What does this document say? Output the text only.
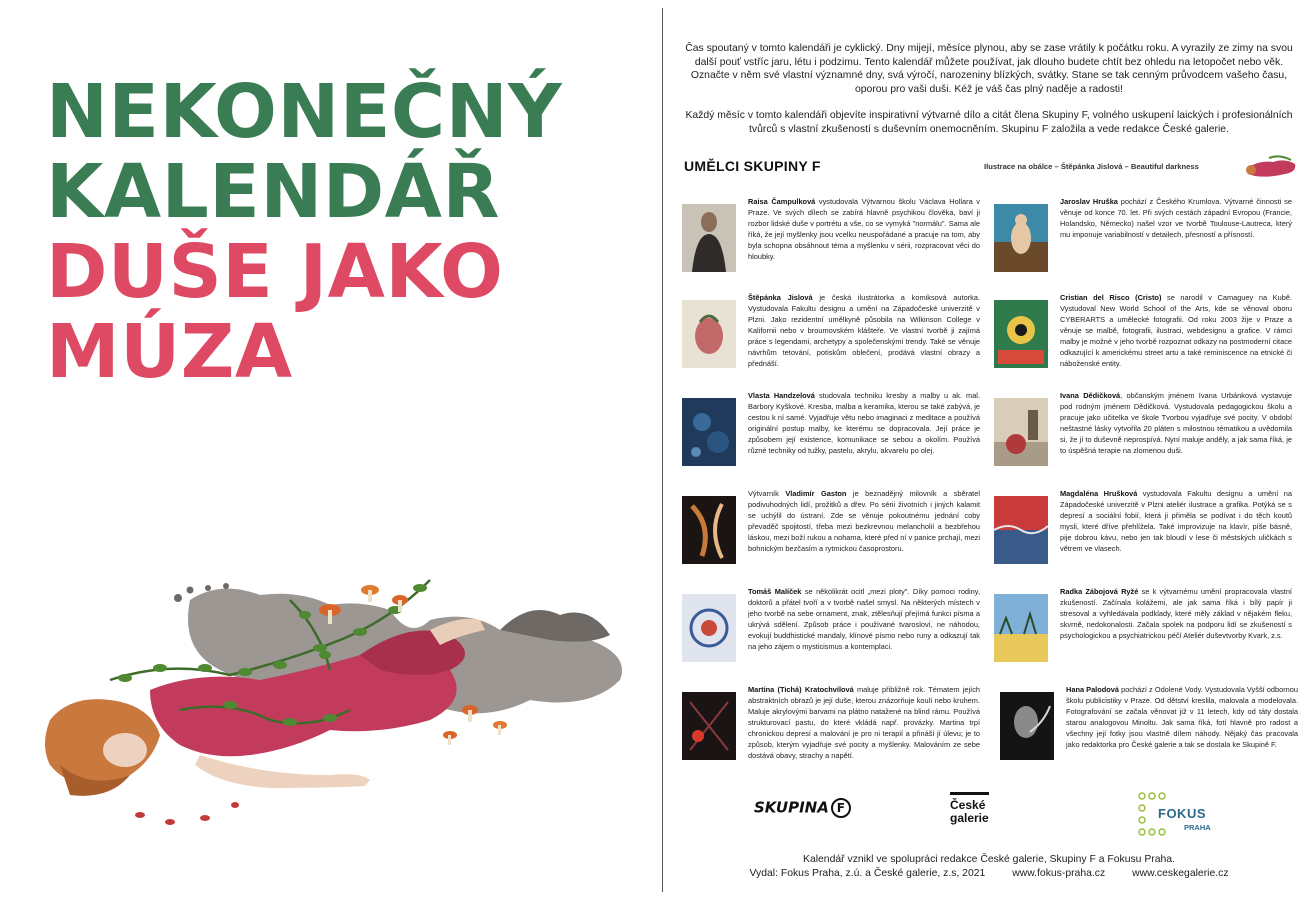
NEKONEČNÝ
KALENDÁŘ
DUŠE JAKO
MÚZA

Čas spoutaný v tomto kalendáři je cyklický. Dny mijejí, měsíce plynou, aby se zase vrátily k počátku roku. A vyrazily ze zimy na svou další pouť vstříc jaru, létu i podzimu. Tento kalendář můžete používat, jak dlouho budete chtít bez ohledu na letopočet nebo věk. Označte v něm své vlastní významné dny, svá výročí, narozeniny blízkých, svátky. Stane se tak cenným průvodcem vašeho času, oporou pro vaši duši. Kéž je váš čas plný naděje a radosti!

Každý měsíc v tomto kalendáři objevíte inspirativní výtvarné dílo a citát člena Skupiny F, volného uskupení laických i profesionálních tvůrců s vlastní zkušeností s duševním onemocněním. Skupinu F založila a vede redakce České galerie.

UMĚLCI SKUPINY F	Ilustrace na obálce – Štěpánka Jislová – Beautiful darkness
Raisa Čampulková vystudovala Výtvarnou školu Václava Hollara v Praze. Ve svých dílech se zabírá hlavně psychikou člověka, baví ji rozbor lidské duše v portrétu a vše, co se vymyká "normálu". Sama ale říká, že její myšlenky jsou vcelku neuspořádané a pracuje na tom, aby byla schopna obsáhnout téma a myšlenku v sérii, rozpracovat věci do hloubky.
Jaroslav Hruška pochází z Českého Krumlova. Výtvarné činnosti se věnuje od konce 70. let. Při svých cestách západní Evropou (Francie, Holandsko, Německo) našel vzor ve tvorbě Toulouse-Lautreca, který mu imponuje variabilností v detailech, přesností a přísností.
Štěpánka Jislová je česká ilustrátorka a komiksová autorka. Vystudovala Fakultu designu a umění na Západočeské univerzitě v Plzni. Jako rezidentní umělkyně působila na Wilkinson College v Kalifornii nebo v broumovském klášteře. Ve vlastní tvorbě ji zajímá práce s legendami, archetypy a společenskými trendy. Také se věnuje návrhům tetování, potiskům oblečení, prodává vlastní obrazy a přednáší.
Cristian del Risco (Cristo) se narodil v Camaguey na Kubě. Vystudoval New World School of the Arts, kde se věnoval oboru CYBERARTS a umělecké fotografii. Od roku 2003 žije v Praze a věnuje se malbě, fotografii, ilustraci, webdesignu a grafice. V rámci malby je možné v jeho tvorbě rozpoznat odkazy na postmoderní citace odkazující k americkému street artu a také reminiscence na etnické či náboženské entity.
Vlasta Handzelová studovala techniku kresby a malby u ak. mal. Barbory Kyškové. Kresba, malba a keramika, kterou se také zabývá, je cestou k ní samé. Vyjadřuje větu nebo imaginaci z meditace a používá originální postup malby, ke kterému se dopracovala. Její práce je způsobem její existence, komunikace se sebou a okolím. Používá různé techniky od tužky, pastelu, akrylu, akvarelu po olej.
Ivana Dědičková, občanským jménem Ivana Urbánková vystavuje pod rodným jménem Dědičková. Vystudovala pedagogickou školu a pracuje jako učitelka ve škole Tvorbou vyjadřuje své pocity. V období neštastné lásky vytvořila 20 pláten s milostnou tématikou a uvědomila si, že jí to duševně neprospívá. Nyní maluje anděly, a jak sama říká, je to úspěšná terapie na zlomenou duši.
Výtvarník Vladimír Gaston je beznadějný milovník a sběratel podivuhodných lidí, prožitků a dřev. Po sérii životních i jiných kalamit se uchýlil do ústraní. Zde se věnuje pokoutnému jednání coby převaděč spojitostí, třeba mezi bezkrevnou melancholií a bezbřehou láskou, mezi boží rukou a nohama, které před ní v panice prchají, mezi bohnickým bezčasím a rytmickou časoprostoru.
Magdaléna Hrušková vystudovala Fakultu designu a umění na Západočeské univerzitě v Plzni ateliér ilustrace a grafika. Potýká se s depresí a sociální fobií, která ji přiměla se podívat i do těch koutů mysli, které dříve přehlížela. Také improvizuje na klavír, píše básně, pije dobrou kávu, nebo jen tak bloudí v lese či městských uličkách s větrem ve vlasech.
Tomáš Malíček se několikrát ocitl „mezi ploty". Díky pomoci rodiny, doktorů a přátel tvoří a v tvorbě našel smysl. Na některých místech v jeho tvorbě na sebe ornament, znak, ztělesňují přejímá funkci písma a ukrývá sdělení. Způsob práce i používané tvarosloví, ne náhodou, evokují buddhistické mandaly, klínové písmo nebo runy a odkazují tak na jeho zájem o mysticismus a kontemplaci.
Radka Zábojová Ryžé se k výtvarnému umění propracovala vlastní zkušeností. Začínala kolážemi, ale jak sama říká i bílý papír ji stresoval a vyhledávala podklady, které měly základ v nějakém fleku, skvrně, nedokonalosti. Začala spolek na podporu lidí se zkušeností s psychologickou a psychiatrickou péčí Ateliér duševtvorby Kvark, z.s.
Martina (Tichá) Kratochvílová maluje přibližně rok. Tématem jejích abstraktních obrazů je její duše, kterou znázorňuje koulí nebo kruhem. Maluje akrylovými barvami na plátno natažené na blind rámu. Používá strukturovací pastu, do které vkládá např. provázky. Martina trpí chronickou depresí a malování je pro ni terapií a přináší jí úlevu; je to způsob, kterým vyjadřuje své pocity a myšlenky. Malováním ze sebe dostává obavy, strachy a napětí.
Hana Palodová pochází z Odolené Vody. Vystudovala Vyšší odbornou školu publicistiky v Praze. Od dětství kreslila, malovala a modelovala. Fotografování se začala věnovat již v 11 letech, kdy od táty dostala starou analogovou Minoltu. Jak sama říká, fotí hlavně pro radost a všechny její fotky jsou vlastně dílem náhody. Nějaký čas pracovala jako redaktorka pro České galerie a tak se dostala ke Skupině F.
SKUPINA F	České
galerie	FOKUS
PRAHA
Kalendář vznikl ve spolupráci redakce České galerie, Skupiny F a Fokusu Praha.
Vydal: Fokus Praha, z.ú. a České galerie, z.s, 2021	www.fokus-praha.cz	www.ceskegalerie.cz
